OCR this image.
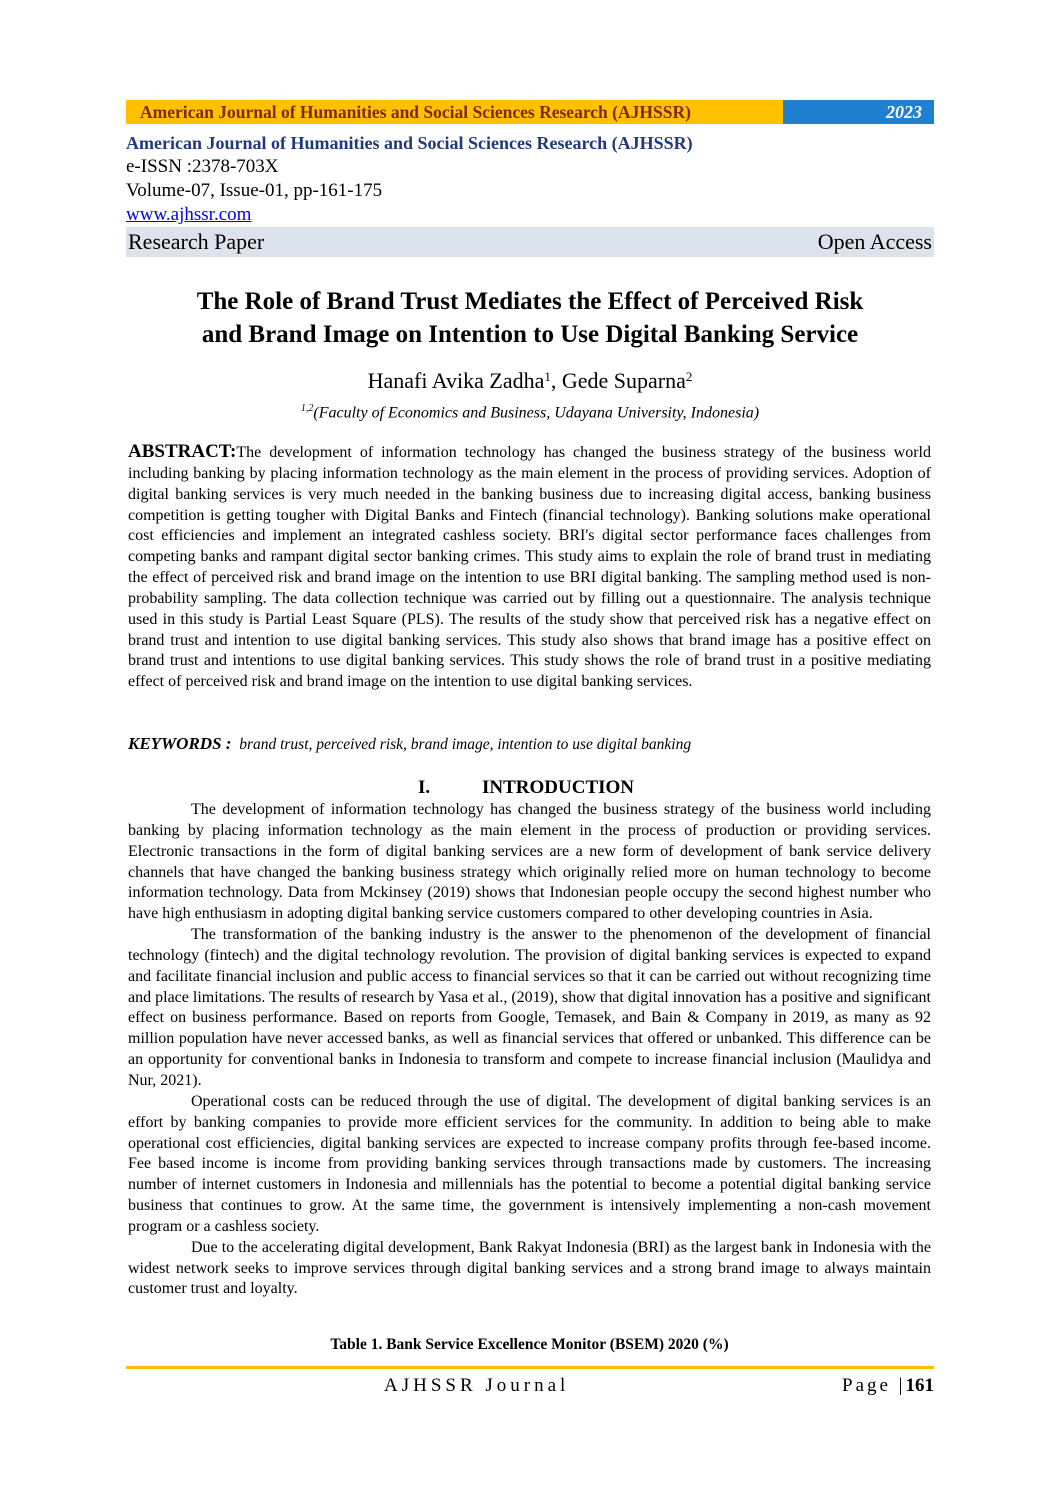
American Journal of Humanities and Social Sciences Research (AJHSSR)	2023
American Journal of Humanities and Social Sciences Research (AJHSSR)
e-ISSN :2378-703X
Volume-07, Issue-01, pp-161-175
www.ajhssr.com
Research Paper	Open Access
The Role of Brand Trust Mediates the Effect of Perceived Risk
and Brand Image on Intention to Use Digital Banking Service
Hanafi Avika Zadha$^1$, Gede Suparna$^2$
$^{1,2}$(Faculty of Economics and Business, Udayana University, Indonesia)
ABSTRACT:The development of information technology has changed the business strategy of the business world including banking by placing information technology as the main element in the process of providing services. Adoption of digital banking services is very much needed in the banking business due to increasing digital access, banking business competition is getting tougher with Digital Banks and Fintech (financial technology). Banking solutions make operational cost efficiencies and implement an integrated cashless society. BRI's digital sector performance faces challenges from competing banks and rampant digital sector banking crimes. This study aims to explain the role of brand trust in mediating the effect of perceived risk and brand image on the intention to use BRI digital banking. The sampling method used is non-probability sampling. The data collection technique was carried out by filling out a questionnaire. The analysis technique used in this study is Partial Least Square (PLS). The results of the study show that perceived risk has a negative effect on brand trust and intention to use digital banking services. This study also shows that brand image has a positive effect on brand trust and intentions to use digital banking services. This study shows the role of brand trust in a positive mediating effect of perceived risk and brand image on the intention to use digital banking services.
KEYWORDS : brand trust, perceived risk, brand image, intention to use digital banking
I.	INTRODUCTION

The development of information technology has changed the business strategy of the business world including banking by placing information technology as the main element in the process of production or providing services. Electronic transactions in the form of digital banking services are a new form of development of bank service delivery channels that have changed the banking business strategy which originally relied more on human technology to become information technology. Data from Mckinsey (2019) shows that Indonesian people occupy the second highest number who have high enthusiasm in adopting digital banking service customers compared to other developing countries in Asia.

The transformation of the banking industry is the answer to the phenomenon of the development of financial technology (fintech) and the digital technology revolution. The provision of digital banking services is expected to expand and facilitate financial inclusion and public access to financial services so that it can be carried out without recognizing time and place limitations. The results of research by Yasa et al., (2019), show that digital innovation has a positive and significant effect on business performance. Based on reports from Google, Temasek, and Bain & Company in 2019, as many as 92 million population have never accessed banks, as well as financial services that offered or unbanked. This difference can be an opportunity for conventional banks in Indonesia to transform and compete to increase financial inclusion (Maulidya and Nur, 2021).

Operational costs can be reduced through the use of digital. The development of digital banking services is an effort by banking companies to provide more efficient services for the community. In addition to being able to make operational cost efficiencies, digital banking services are expected to increase company profits through fee-based income. Fee based income is income from providing banking services through transactions made by customers. The increasing number of internet customers in Indonesia and millennials has the potential to become a potential digital banking service business that continues to grow. At the same time, the government is intensively implementing a non-cash movement program or a cashless society.

Due to the accelerating digital development, Bank Rakyat Indonesia (BRI) as the largest bank in Indonesia with the widest network seeks to improve services through digital banking services and a strong brand image to always maintain customer trust and loyalty.

Table 1. Bank Service Excellence Monitor (BSEM) 2020 (%)
AJHSSR Journal	Page |161
